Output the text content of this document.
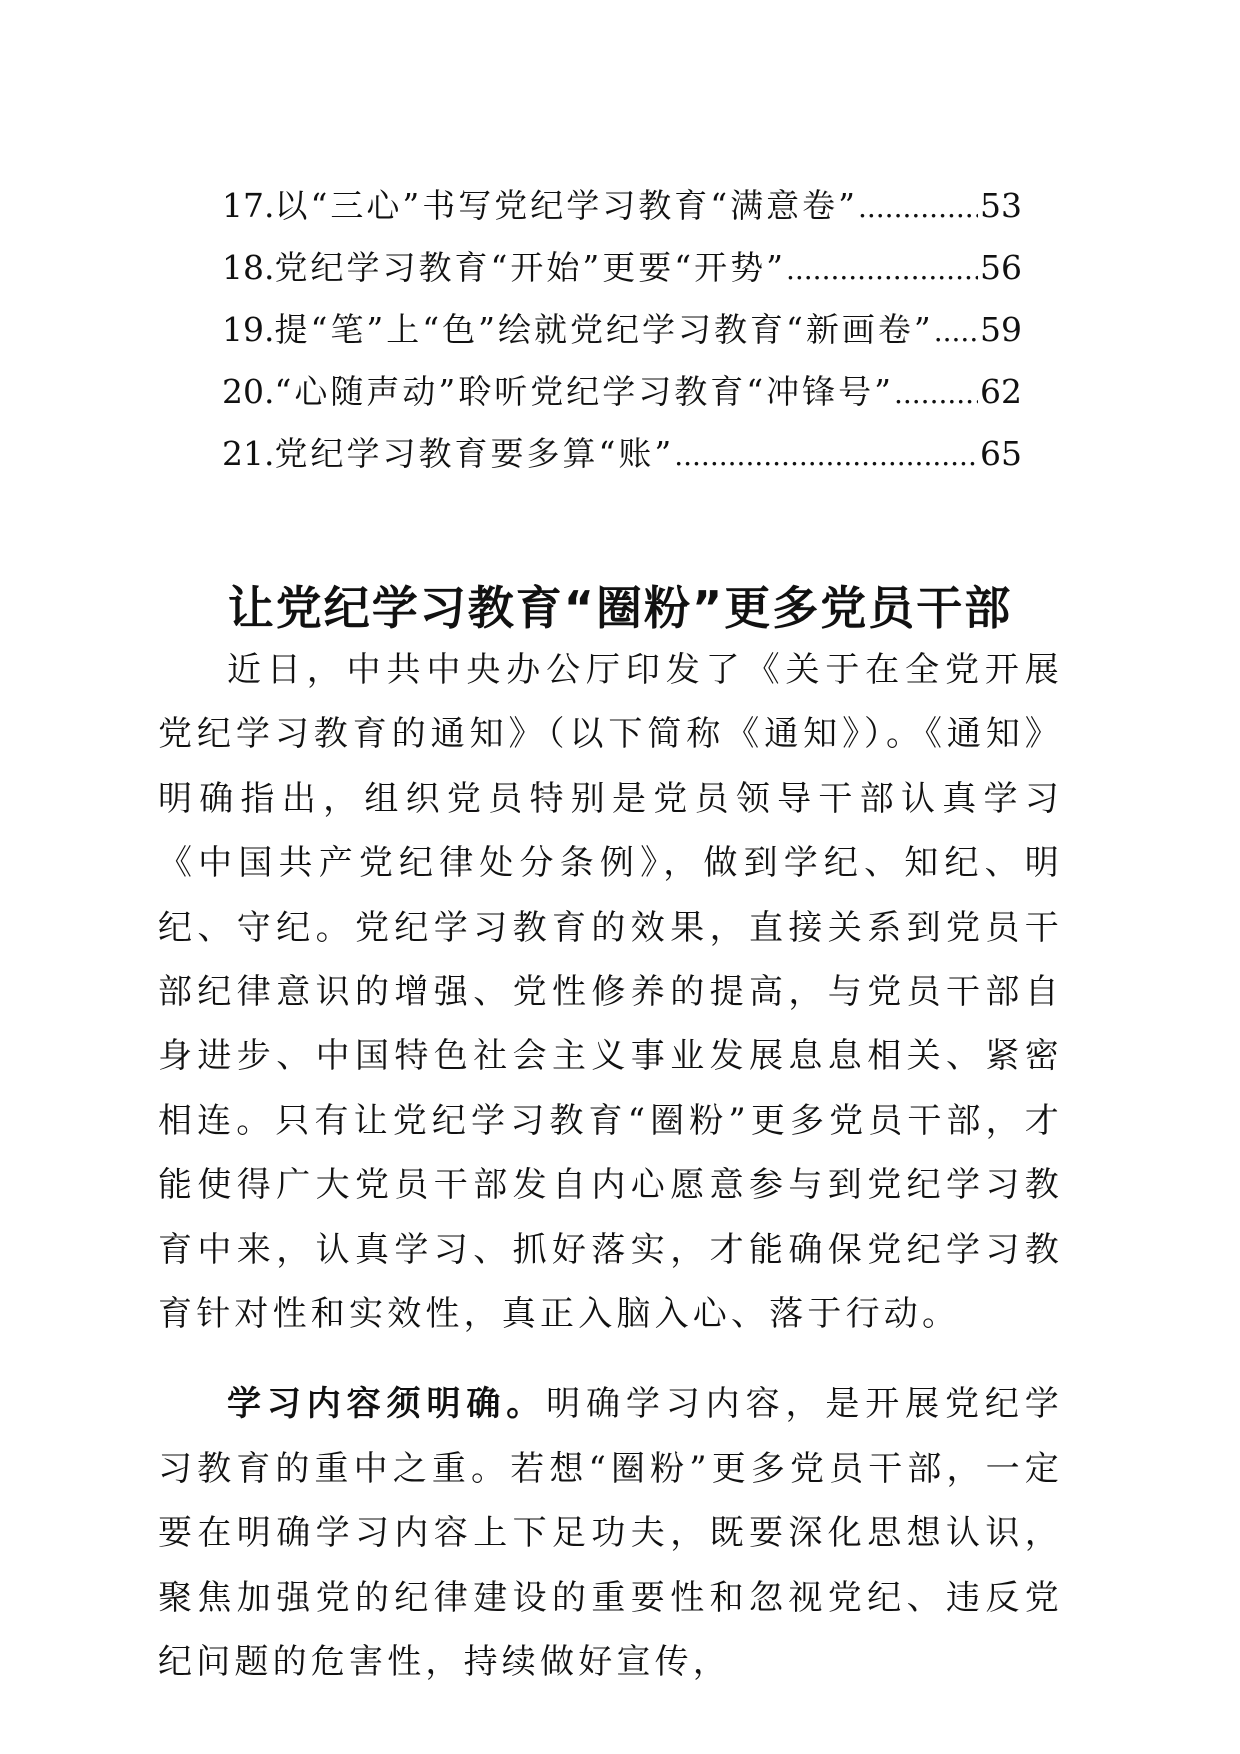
17. 以“三心”书写党纪学习教育“满意卷” .....	53
18. 党纪学习教育“开始”更要“开势” .....	56
19. 提“笔”上“色”绘就党纪学习教育“新画卷” ..... 59
20. “心随声动”聆听党纪学习教育“冲锋号” .....	62
21. 党纪学习教育要多算“账” .....	65
让党纪学习教育“圈粉”更多党员干部

近日，中共中央办公厅印发了《关于在全党开展党纪学习教育的通知》（以下简称《通知》）。《通知》明确指出，组织党员特别是党员领导干部认真学习《中国共产党纪律处分条例》，做到学纪、知纪、明纪、守纪。党纪学习教育的效果，直接关系到党员干部纪律意识的增强、党性修养的提高，与党员干部自身进步、中国特色社会主义事业发展息息相关、紧密相连。只有让党纪学习教育“圈粉”更多党员干部，才能使得广大党员干部发自内心愿意参与到党纪学习教育中来，认真学习、抓好落实，才能确保党纪学习教育针对性和实效性，真正入脑入心、落于行动。

学习内容须明确。明确学习内容，是开展党纪学习教育的重中之重。若想“圈粉”更多党员干部，一定要在明确学习内容上下足功夫，既要深化思想认识，聚焦加强党的纪律建设的重要性和忽视党纪、违反党纪问题的危害性，持续做好宣传，
